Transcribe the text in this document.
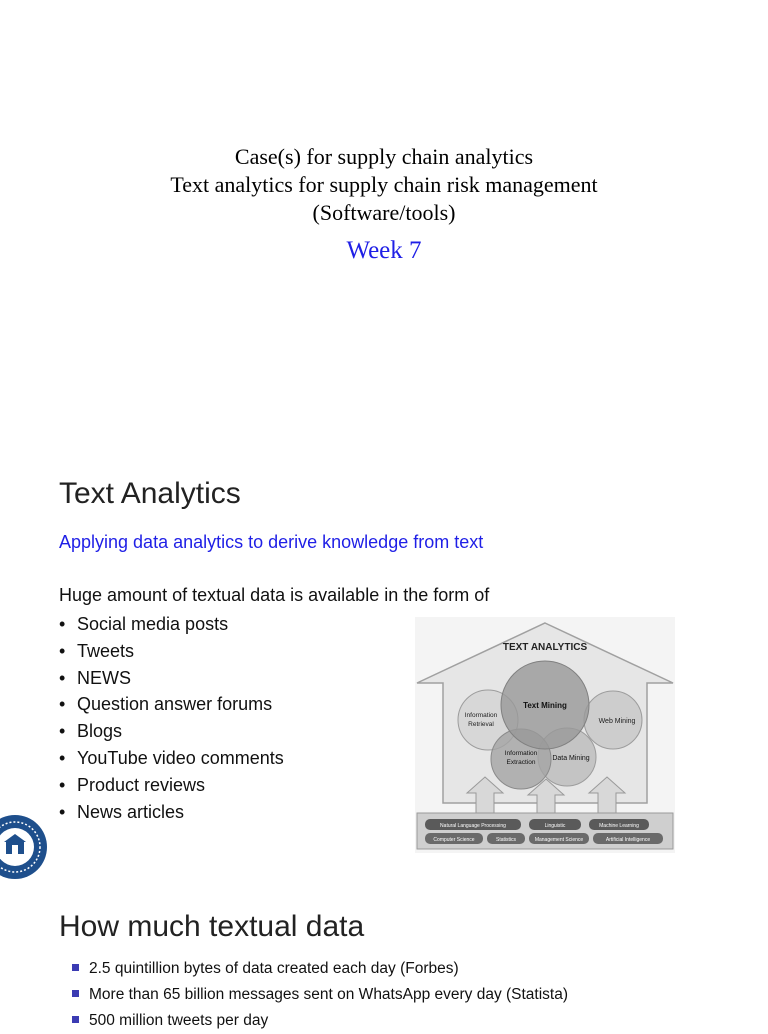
Case(s) for supply chain analytics
Text analytics for supply chain risk management
(Software/tools)
Week 7
Text Analytics
Applying data analytics to derive knowledge from text
Huge amount of textual data is available in the form of
• Social media posts
• Tweets
• NEWS
• Question answer forums
• Blogs
• YouTube video comments
• Product reviews
• News articles
TEXT ANALYTICS
Text Mining
Information
Retrieval	Web Mining
Information
Extraction
Data Mining
Natural Language Processing	Linguistic	Machine Learning
Computer Science	Statistics	Management Science	Artificial Intelligence
How much textual data
2.5 quintillion bytes of data created each day (Forbes)
More than 65 billion messages sent on WhatsApp every day (Statista)
500 million tweets per day
